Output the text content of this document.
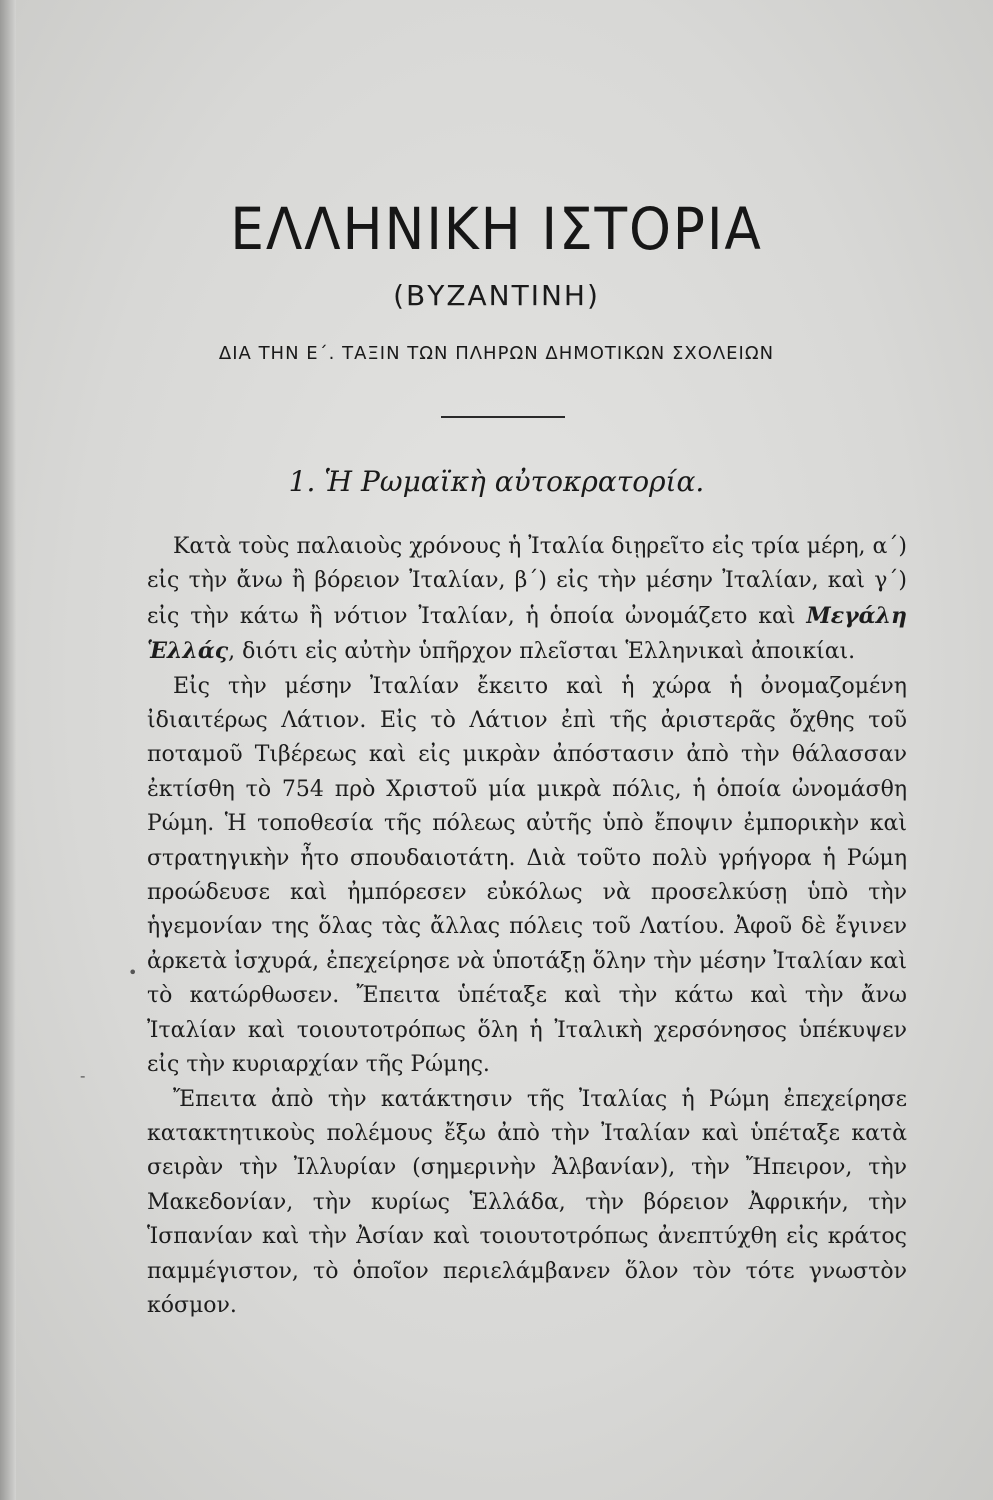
ΕΛΛΗΝΙΚΗ ΙΣΤΟΡΙΑ
(ΒΥΖΑΝΤΙΝΗ)
ΔΙΑ ΤΗΝ Ε΄. ΤΑΞΙΝ ΤΩΝ ΠΛΗΡΩΝ ΔΗΜΟΤΙΚΩΝ ΣΧΟΛΕΙΩΝ
1. Ἡ Ρωμαϊκὴ αὐτοκρατορία.

Κατὰ τοὺς παλαιοὺς χρόνους ἡ Ἰταλία διῃρεῖτο εἰς τρία μέρη, α΄) εἰς τὴν ἄνω ἢ βόρειον Ἰταλίαν, β΄) εἰς τὴν μέσην Ἰταλίαν, καὶ γ΄) εἰς τὴν κάτω ἢ νότιον Ἰταλίαν, ἡ ὁποία ὠνομάζετο καὶ Μεγάλη Ἑλλάς, διότι εἰς αὐτὴν ὑπῆρχον πλεῖσται Ἑλληνικαὶ ἀποικίαι.

Εἰς τὴν μέσην Ἰταλίαν ἔκειτο καὶ ἡ χώρα ἡ ὀνομαζομένη ἰδιαιτέρως Λάτιον. Εἰς τὸ Λάτιον ἐπὶ τῆς ἀριστερᾶς ὄχθης τοῦ ποταμοῦ Τιβέρεως καὶ εἰς μικρὰν ἀπόστασιν ἀπὸ τὴν θάλασσαν ἐκτίσθη τὸ 754 πρὸ Χριστοῦ μία μικρὰ πόλις, ἡ ὁποία ὠνομάσθη Ρώμη. Ἡ τοποθεσία τῆς πόλεως αὐτῆς ὑπὸ ἔποψιν ἐμπορικὴν καὶ στρατηγικὴν ἦτο σπουδαιοτάτη. Διὰ τοῦτο πολὺ γρήγορα ἡ Ρώμη προώδευσε καὶ ἠμπόρεσεν εὐκόλως νὰ προσελκύσῃ ὑπὸ τὴν ἡγεμονίαν της ὅλας τὰς ἄλλας πόλεις τοῦ Λατίου. Ἀφοῦ δὲ ἔγινεν ἀρκετὰ ἰσχυρά, ἐπεχείρησε νὰ ὑποτάξῃ ὅλην τὴν μέσην Ἰταλίαν καὶ τὸ κατώρθωσεν. Ἔπειτα ὑπέταξε καὶ τὴν κάτω καὶ τὴν ἄνω Ἰταλίαν καὶ τοιουτοτρόπως ὅλη ἡ Ἰταλικὴ χερσόνησος ὑπέκυψεν εἰς τὴν κυριαρχίαν τῆς Ρώμης.

Ἔπειτα ἀπὸ τὴν κατάκτησιν τῆς Ἰταλίας ἡ Ρώμη ἐπεχείρησε κατακτητικοὺς πολέμους ἔξω ἀπὸ τὴν Ἰταλίαν καὶ ὑπέταξε κατὰ σειρὰν τὴν Ἰλλυρίαν (σημερινὴν Ἀλβανίαν), τὴν Ἤπειρον, τὴν Μακεδονίαν, τὴν κυρίως Ἑλλάδα, τὴν βόρειον Ἀφρικήν, τὴν Ἱσπανίαν καὶ τὴν Ἀσίαν καὶ τοιουτοτρόπως ἀνεπτύχθη εἰς κράτος παμμέγιστον, τὸ ὁποῖον περιελάμβανεν ὅλον τὸν τότε γνωστὸν κόσμον.

•
-
